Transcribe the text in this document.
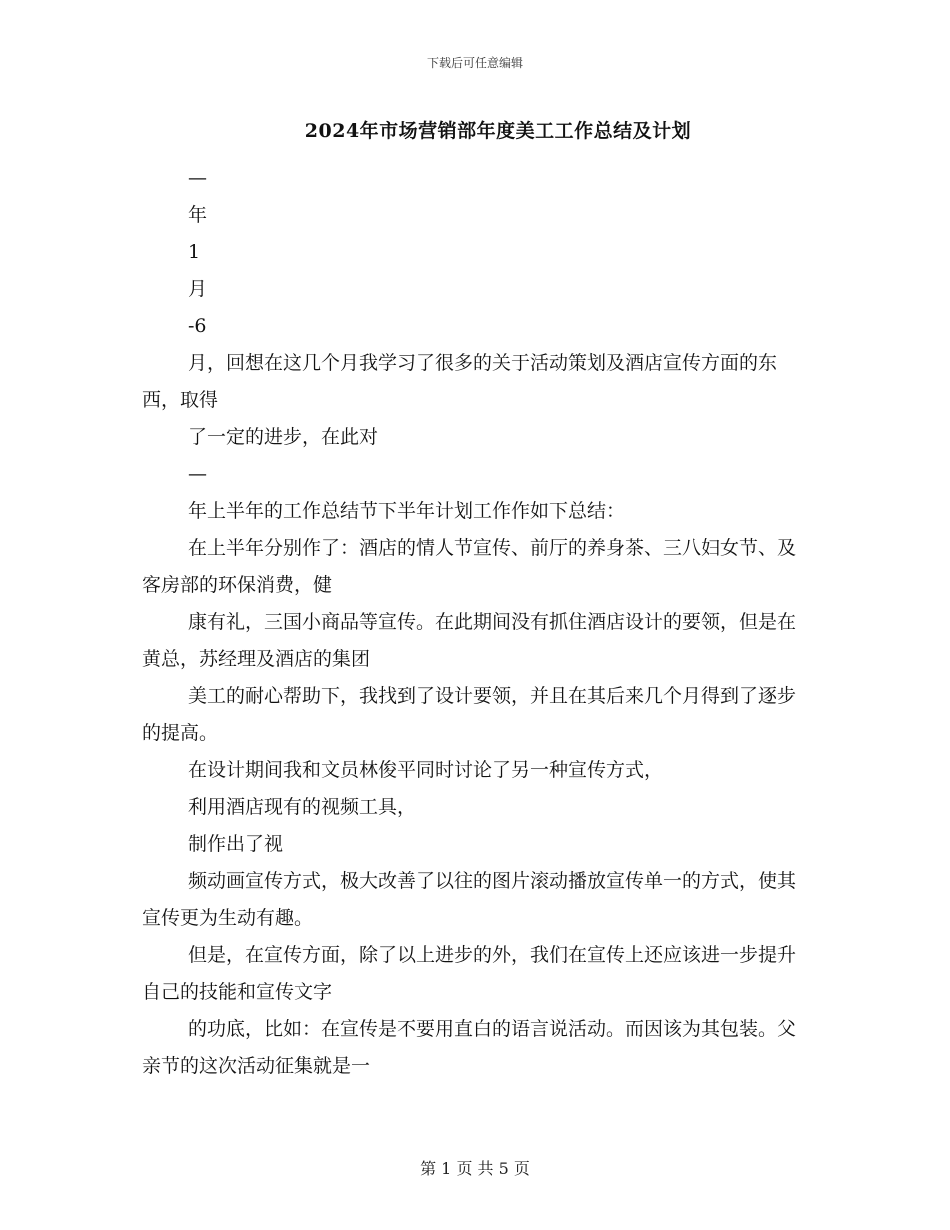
下载后可任意编辑
2024年市场营销部年度美工工作总结及计划

—

年

1

月

-6

月，回想在这几个月我学习了很多的关于活动策划及酒店宣传方面的东西，取得

了一定的进步，在此对

—

年上半年的工作总结节下半年计划工作作如下总结：

在上半年分别作了：酒店的情人节宣传、前厅的养身茶、三八妇女节、及客房部的环保消费，健

康有礼，三国小商品等宣传。在此期间没有抓住酒店设计的要领，但是在黄总，苏经理及酒店的集团

美工的耐心帮助下，我找到了设计要领，并且在其后来几个月得到了逐步的提高。

在设计期间我和文员林俊平同时讨论了另一种宣传方式，

利用酒店现有的视频工具，

制作出了视

频动画宣传方式，极大改善了以往的图片滚动播放宣传单一的方式，使其宣传更为生动有趣。

但是，在宣传方面，除了以上进步的外，我们在宣传上还应该进一步提升自己的技能和宣传文字

的功底，比如：在宣传是不要用直白的语言说活动。而因该为其包装。父亲节的这次活动征集就是一

第 1 页 共 5 页
